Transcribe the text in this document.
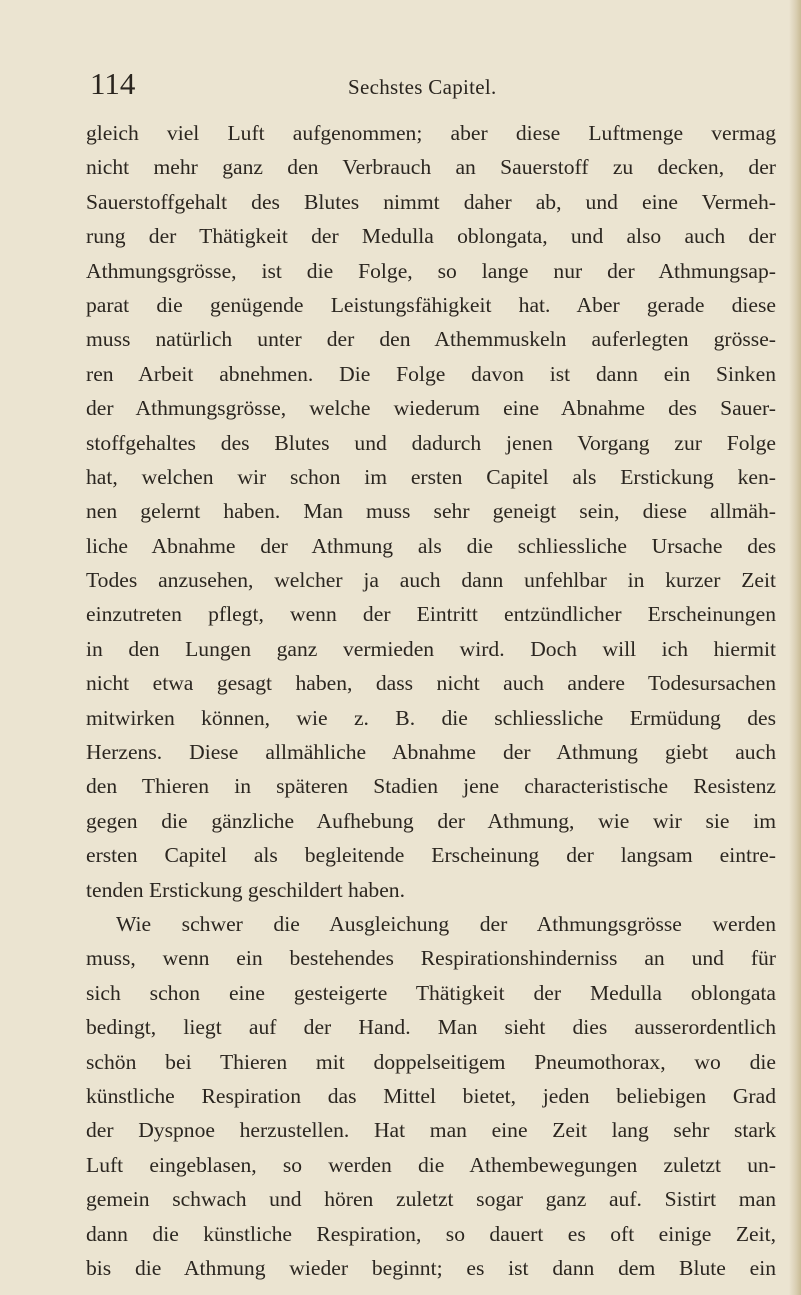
114	Sechstes Capitel.
gleich viel Luft aufgenommen; aber diese Luftmenge vermag
nicht mehr ganz den Verbrauch an Sauerstoff zu decken, der
Sauerstoffgehalt des Blutes nimmt daher ab, und eine Vermeh-
rung der Thätigkeit der Medulla oblongata, und also auch der
Athmungsgrösse, ist die Folge, so lange nur der Athmungsap-
parat die genügende Leistungsfähigkeit hat. Aber gerade diese
muss natürlich unter der den Athemmuskeln auferlegten grösse-
ren Arbeit abnehmen. Die Folge davon ist dann ein Sinken
der Athmungsgrösse, welche wiederum eine Abnahme des Sauer-
stoffgehaltes des Blutes und dadurch jenen Vorgang zur Folge
hat, welchen wir schon im ersten Capitel als Erstickung ken-
nen gelernt haben. Man muss sehr geneigt sein, diese allmäh-
liche Abnahme der Athmung als die schliessliche Ursache des
Todes anzusehen, welcher ja auch dann unfehlbar in kurzer Zeit
einzutreten pflegt, wenn der Eintritt entzündlicher Erscheinungen
in den Lungen ganz vermieden wird. Doch will ich hiermit
nicht etwa gesagt haben, dass nicht auch andere Todesursachen
mitwirken können, wie z. B. die schliessliche Ermüdung des
Herzens. Diese allmähliche Abnahme der Athmung giebt auch
den Thieren in späteren Stadien jene characteristische Resistenz
gegen die gänzliche Aufhebung der Athmung, wie wir sie im
ersten Capitel als begleitende Erscheinung der langsam eintre-
tenden Erstickung geschildert haben.
Wie schwer die Ausgleichung der Athmungsgrösse werden
muss, wenn ein bestehendes Respirationshinderniss an und für
sich schon eine gesteigerte Thätigkeit der Medulla oblongata
bedingt, liegt auf der Hand. Man sieht dies ausserordentlich
schön bei Thieren mit doppelseitigem Pneumothorax, wo die
künstliche Respiration das Mittel bietet, jeden beliebigen Grad
der Dyspnoe herzustellen. Hat man eine Zeit lang sehr stark
Luft eingeblasen, so werden die Athembewegungen zuletzt un-
gemein schwach und hören zuletzt sogar ganz auf. Sistirt man
dann die künstliche Respiration, so dauert es oft einige Zeit,
bis die Athmung wieder beginnt; es ist dann dem Blute ein
